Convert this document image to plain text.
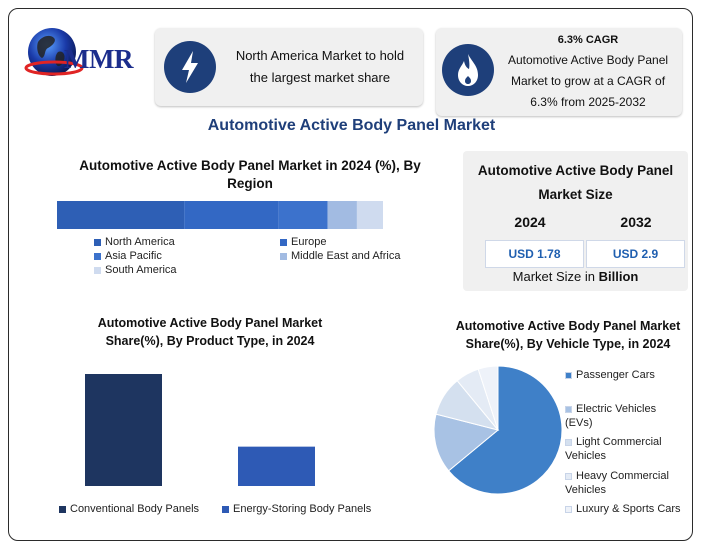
MMR	North America Market to hold the largest market share
6.3% CAGR
Automotive Active Body Panel Market to grow at a CAGR of 6.3% from 2025-2032
Automotive Active Body Panel Market
Automotive Active Body Panel Market in 2024 (%), By Region
North America	Europe
Asia Pacific	Middle East and Africa
South America
Automotive Active Body Panel Market Size
2024	2032
USD 1.78	USD 2.9
Market Size in Billion
Automotive Active Body Panel Market Share(%), By Product Type, in 2024
Conventional Body Panels	Energy-Storing Body Panels
Automotive Active Body Panel Market Share(%), By Vehicle Type, in 2024
Passenger Cars
Electric Vehicles (EVs)
Light Commercial Vehicles
Heavy Commercial Vehicles
Luxury & Sports Cars
